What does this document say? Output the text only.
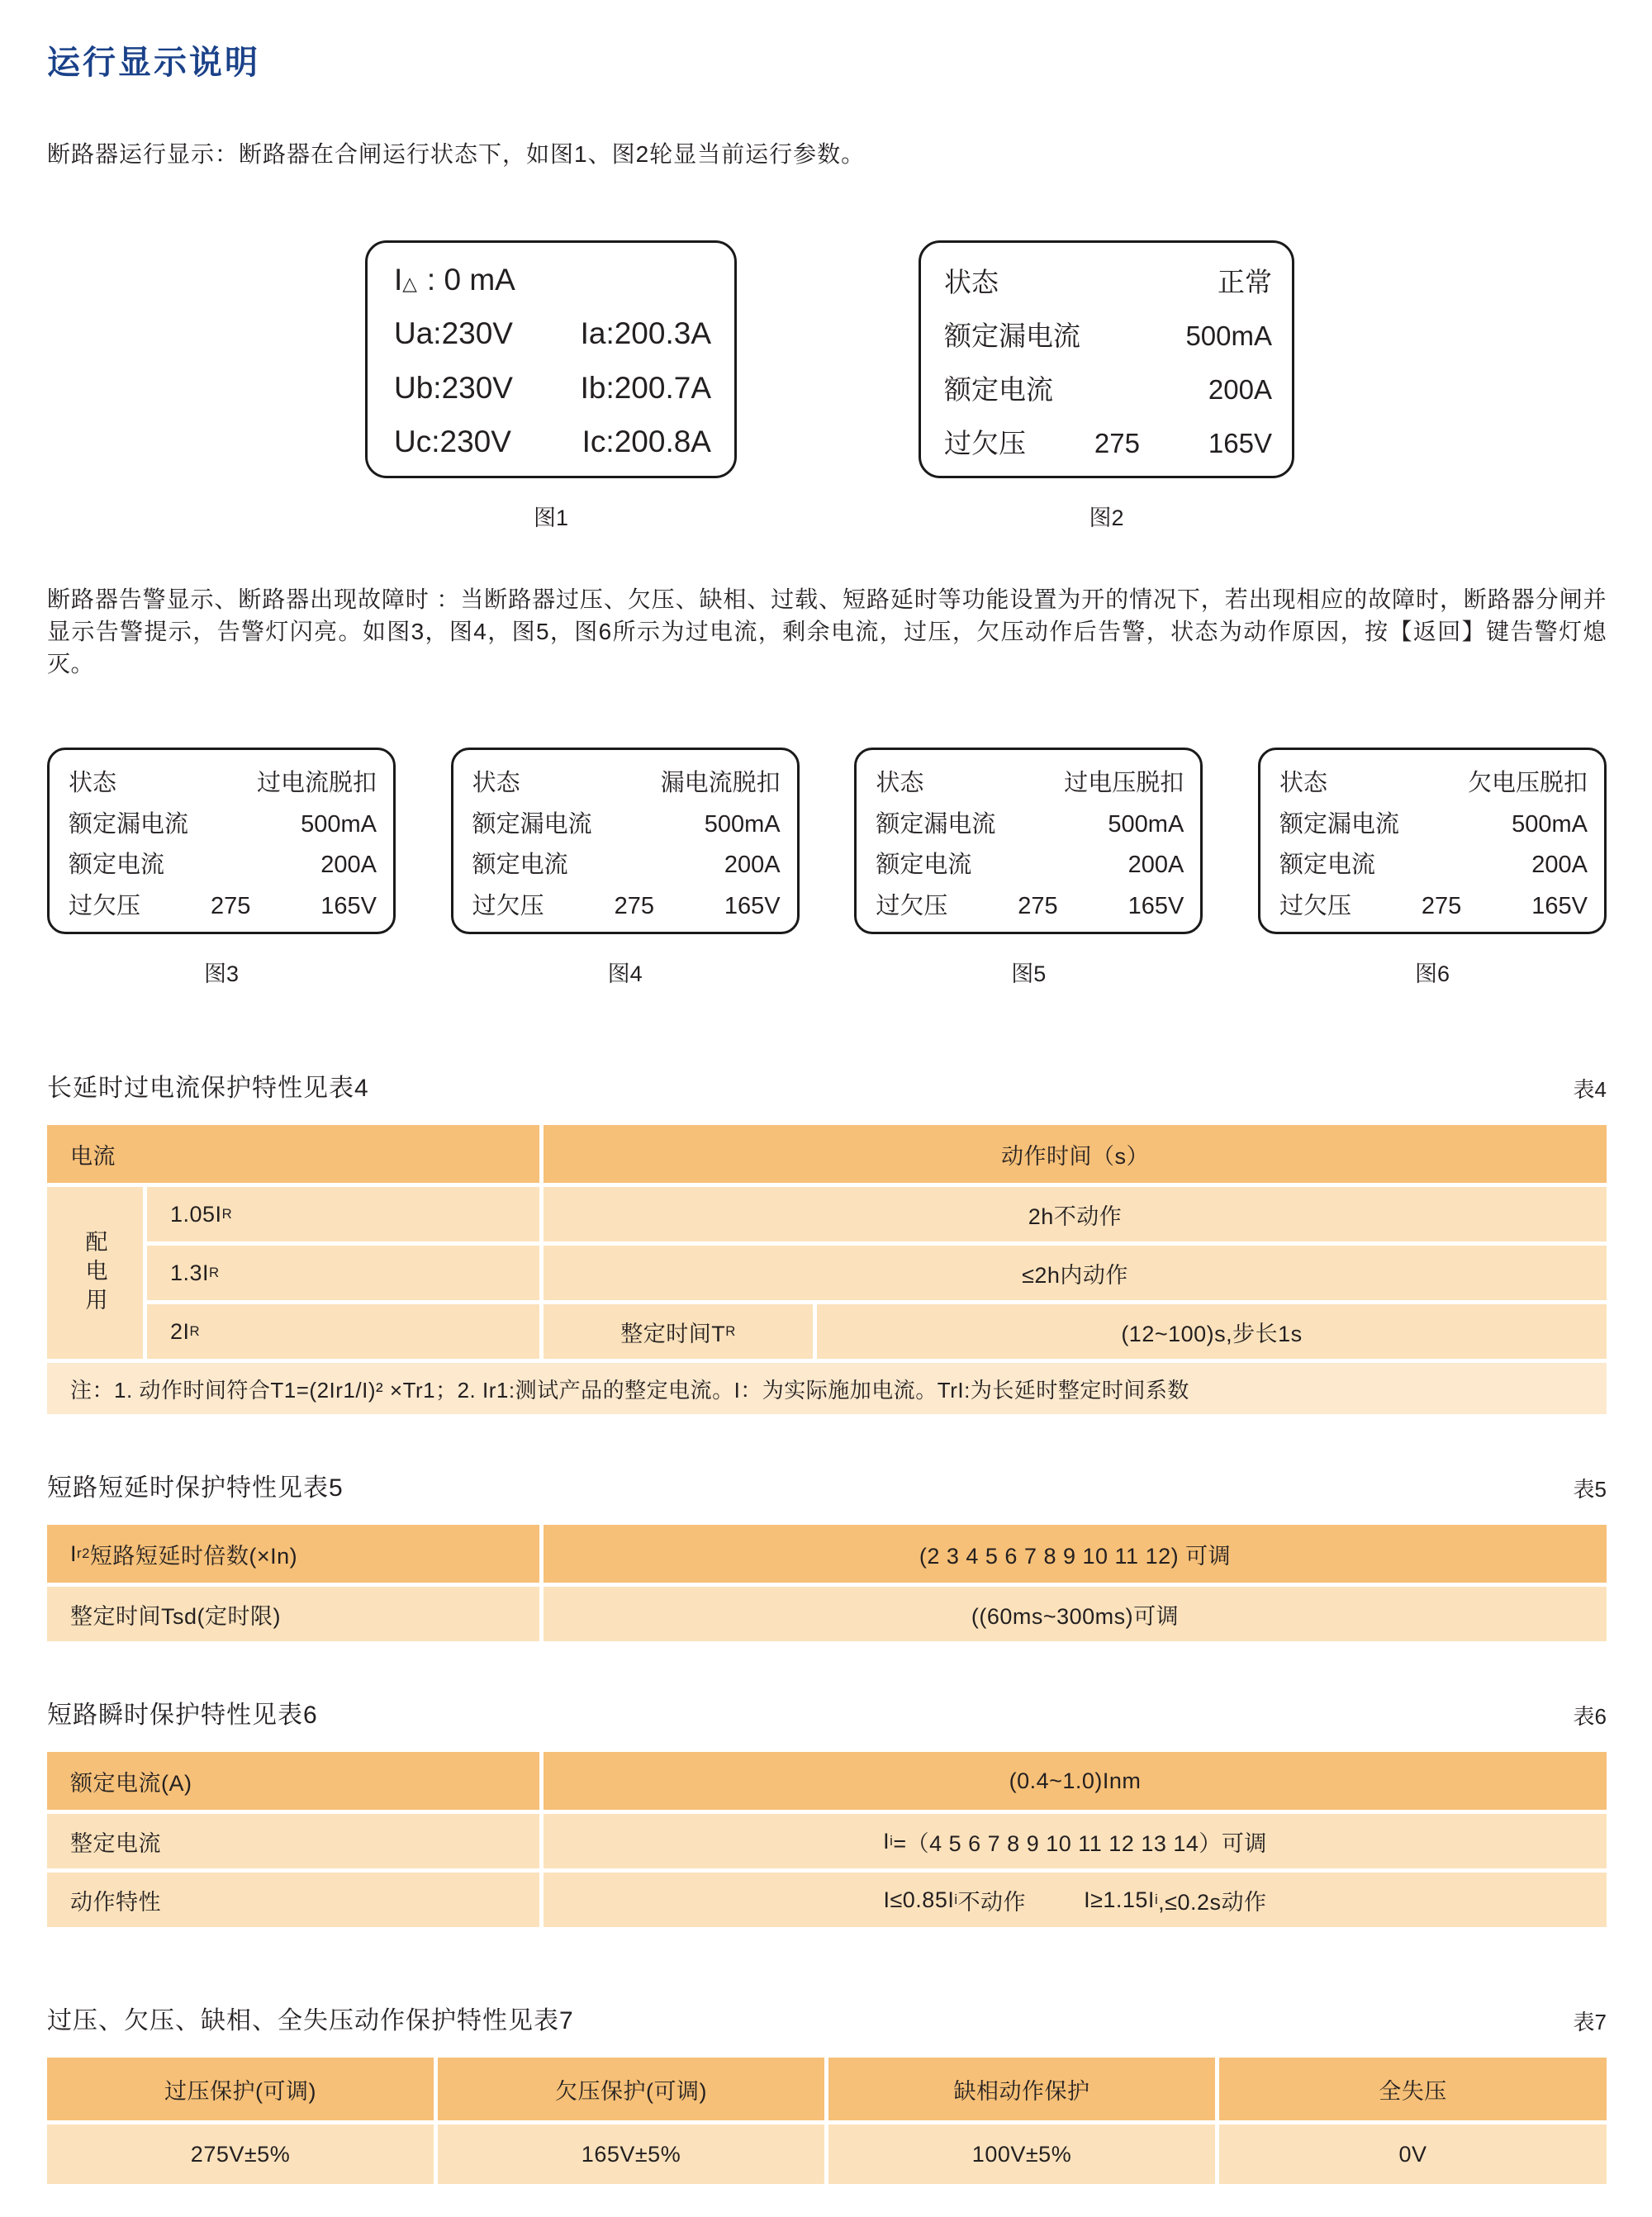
运行显示说明

断路器运行显示：断路器在合闸运行状态下，如图1、图2轮显当前运行参数。

I △ : 0 mA
Ua:230V Ia:200.3A
Ub:230V Ib:200.7A
Uc:230V Ic:200.8A
图1
状态	正常
额定漏电流	500mA
额定电流	200A
过欠压	275	165V
图2

断路器告警显示、断路器出现故障时 ：当断路器过压、欠压、缺相、过载、短路延时等功能设置为开的情况下，若出现相应的故障时，断路器分闸并显示告警提示，告警灯闪亮。如图3，图4，图5，图6所示为过电流，剩余电流，过压，欠压动作后告警，状态为动作原因，按【返回】键告警灯熄灭。

状态	过电流脱扣
额定漏电流	500mA
额定电流	200A
过欠压	275	165V
图3
状态	漏电流脱扣
额定漏电流	500mA
额定电流	200A
过欠压	275	165V
图4
状态	过电压脱扣
额定漏电流	500mA
额定电流	200A
过欠压	275	165V
图5
状态	欠电压脱扣
额定漏电流	500mA
额定电流	200A
过欠压	275	165V
图6
长延时过电流保护特性见表4	表4
电流	动作时间（s）
配电用
1.05I R	2h不动作
1.3I R	≤2h内动作
2I R	整定时间T R	(12~100)s,步长1s
注：1. 动作时间符合T1=(2Ir1/I)² ×Tr1；2. Ir1:测试产品的整定电流。I：为实际施加电流。TrI:为长延时整定时间系数
短路短延时保护特性见表5	表5
I r2 短路短延时倍数(×In)	(2 3 4 5 6 7 8 9 10 11 12) 可调
整定时间Tsd(定时限)	((60ms~300ms)可调
短路瞬时保护特性见表6	表6
额定电流(A)	(0.4~1.0)Inm
整定电流	I i =（4 5 6 7 8 9 10 11 12 13 14）可调
动作特性	I≤0.85I i 不动作	I≥1.15I i ,≤0.2s动作
过压、欠压、缺相、全失压动作保护特性见表7	表7
过压保护(可调)	欠压保护(可调)	缺相动作保护	全失压
275V±5%	165V±5%	100V±5%	0V
